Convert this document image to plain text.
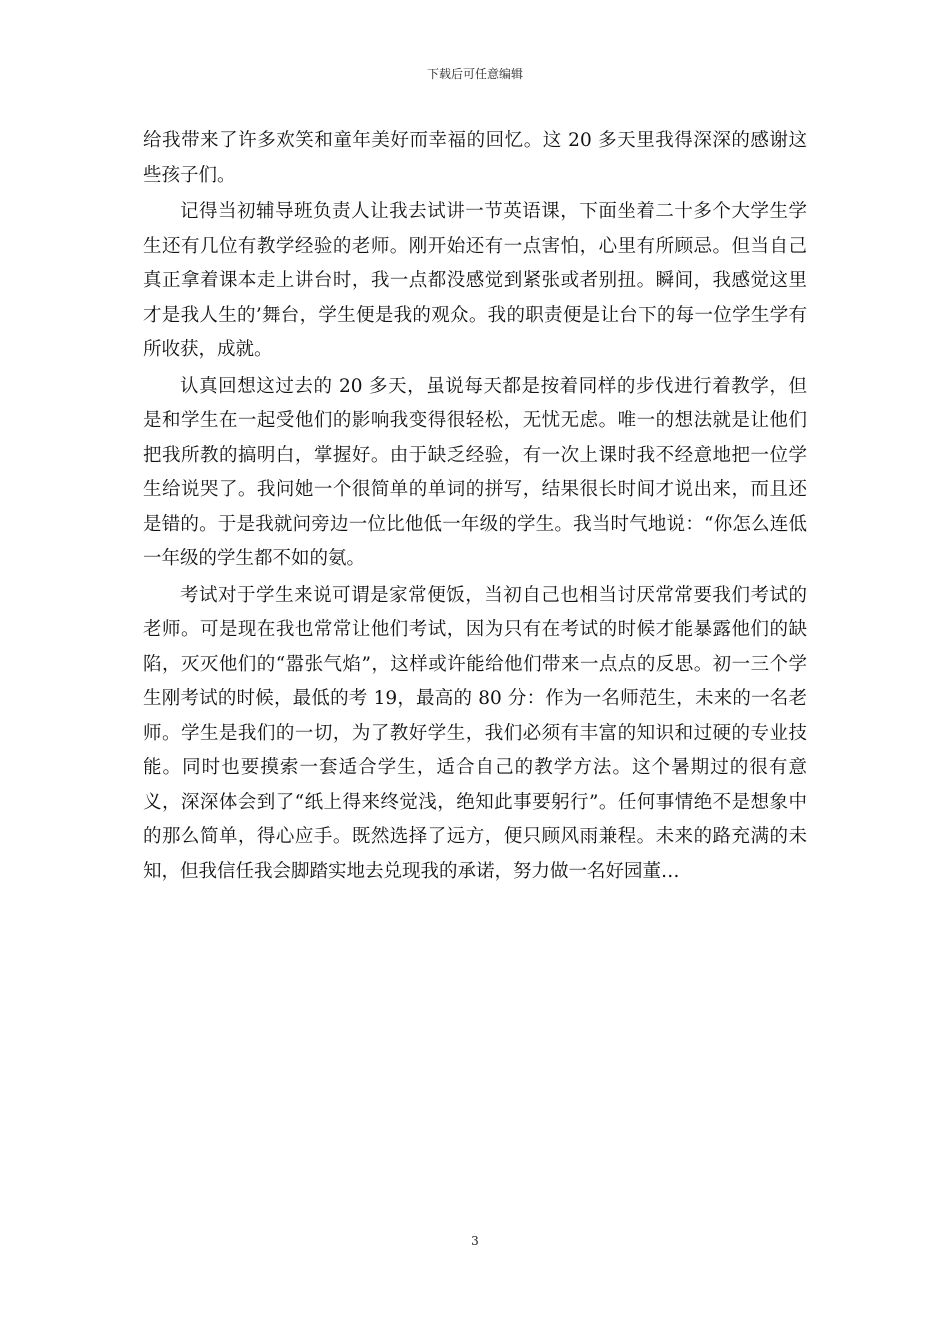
下载后可任意编辑

给我带来了许多欢笑和童年美好而幸福的回忆。这 20 多天里我得深深的感谢这些孩子们。

记得当初辅导班负责人让我去试讲一节英语课，下面坐着二十多个大学生学生还有几位有教学经验的老师。刚开始还有一点害怕，心里有所顾忌。但当自己真正拿着课本走上讲台时，我一点都没感觉到紧张或者别扭。瞬间，我感觉这里才是我人生的’舞台，学生便是我的观众。我的职责便是让台下的每一位学生学有所收获，成就。

认真回想这过去的 20 多天，虽说每天都是按着同样的步伐进行着教学，但是和学生在一起受他们的影响我变得很轻松，无忧无虑。唯一的想法就是让他们把我所教的搞明白，掌握好。由于缺乏经验，有一次上课时我不经意地把一位学生给说哭了。我问她一个很简单的单词的拼写，结果很长时间才说出来，而且还是错的。于是我就问旁边一位比他低一年级的学生。我当时气地说：“你怎么连低一年级的学生都不如的氨。

考试对于学生来说可谓是家常便饭，当初自己也相当讨厌常常要我们考试的老师。可是现在我也常常让他们考试，因为只有在考试的时候才能暴露他们的缺陷，灭灭他们的“嚣张气焰”，这样或许能给他们带来一点点的反思。初一三个学生刚考试的时候，最低的考 19，最高的 80 分：作为一名师范生，未来的一名老师。学生是我们的一切，为了教好学生，我们必须有丰富的知识和过硬的专业技能。同时也要摸索一套适合学生，适合自己的教学方法。这个暑期过的很有意义，深深体会到了“纸上得来终觉浅，绝知此事要躬行”。任何事情绝不是想象中的那么简单，得心应手。既然选择了远方，便只顾风雨兼程。未来的路充满的未知，但我信任我会脚踏实地去兑现我的承诺，努力做一名好园董…

3
